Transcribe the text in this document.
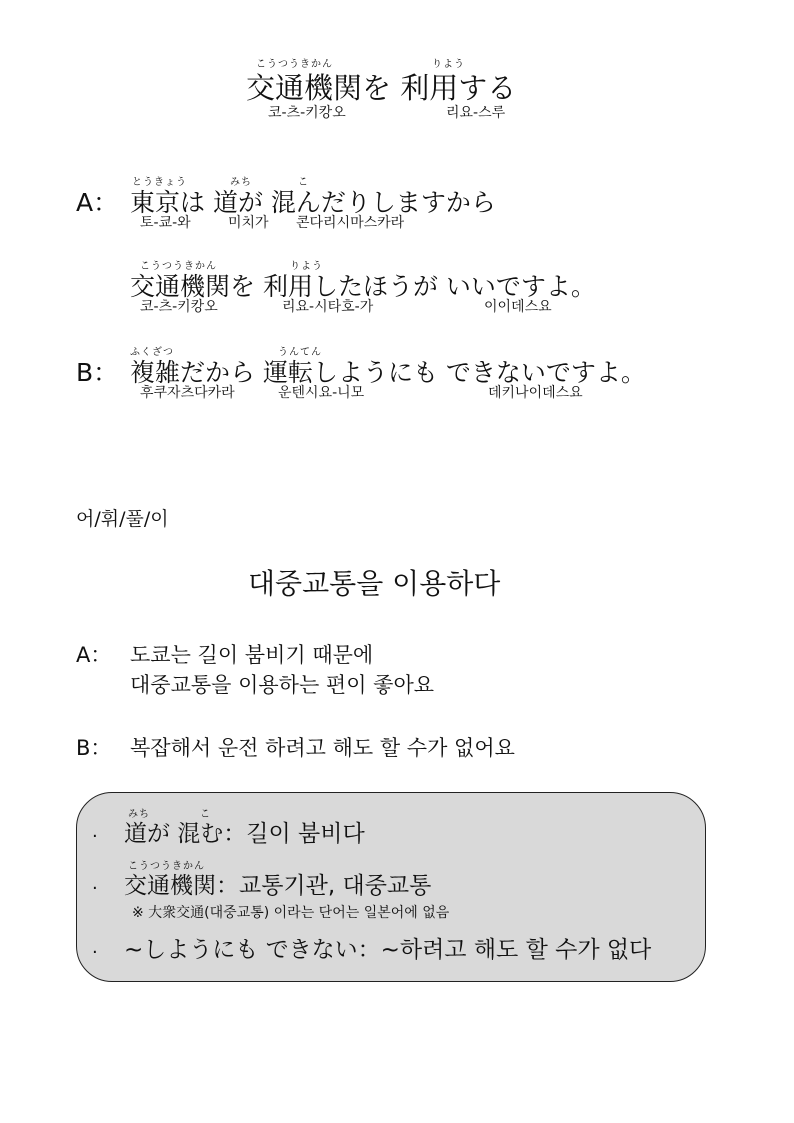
こうつうきかん	りよう
交通機関を 利用する
코-츠-키캉오	리요-스루
A：
とうきょう	みち	こ
東京は 道が 混んだりしますから
토-쿄-와	미치가 콘다리시마스카라
こうつうきかん	りよう
交通機関を 利用したほうが いいですよ。
코-츠-키캉오	리요-시타호-가	이이데스요
B：
ふくざつ	うんてん
複雑だから 運転しようにも できないですよ。
후쿠자츠다카라	운텐시요-니모	데키나이데스요
어/휘/풀/이
대중교통을 이용하다
A： 도쿄는 길이 붐비기 때문에
대중교통을 이용하는 편이 좋아요
B： 복잡해서 운전 하려고 해도 할 수가 없어요
·
みち	こ
道が 混む：길이 붐비다
·
こうつうきかん
交通機関：교통기관, 대중교통
※ 大衆交通(대중교통) 이라는 단어는 일본어에 없음
· ~しようにも できない：~하려고 해도 할 수가 없다
